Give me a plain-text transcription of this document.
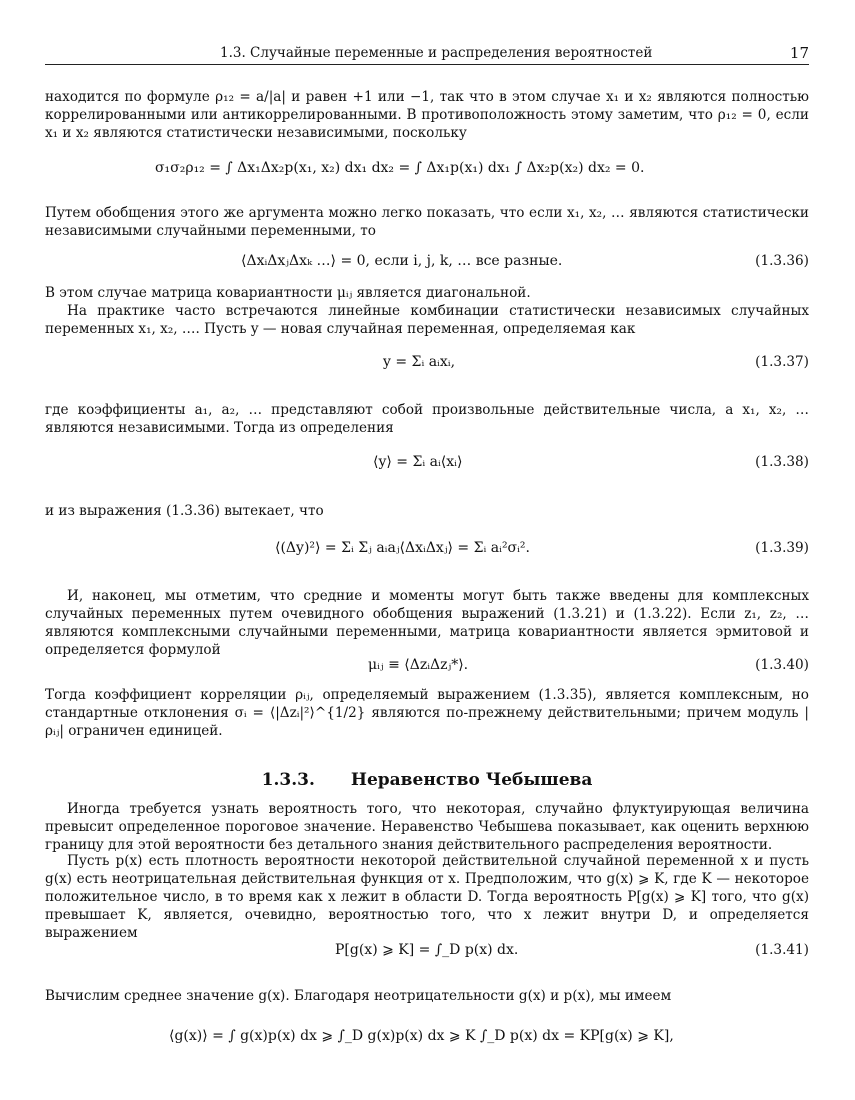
1.3. Случайные переменные и распределения вероятностей	17

находится по формуле ρ₁₂ = a/|a| и равен +1 или −1, так что в этом случае x₁ и x₂ являются полностью коррелированными или антикоррелированными. В противоположность этому заметим, что ρ₁₂ = 0, если x₁ и x₂ являются статистически независимыми, поскольку

σ₁σ₂ρ₁₂ = ∫ Δx₁Δx₂p(x₁, x₂) dx₁ dx₂ = ∫ Δx₁p(x₁) dx₁ ∫ Δx₂p(x₂) dx₂ = 0.

Путем обобщения этого же аргумента можно легко показать, что если x₁, x₂, … являются статистически независимыми случайными переменными, то

⟨ΔxᵢΔxⱼΔxₖ …⟩ = 0, если i, j, k, … все разные.	(1.3.36)

В этом случае матрица ковариантности μᵢⱼ является диагональной.

На практике часто встречаются линейные комбинации статистически независимых случайных переменных x₁, x₂, …. Пусть y — новая случайная переменная, определяемая как

y = Σᵢ aᵢxᵢ,	(1.3.37)

где коэффициенты a₁, a₂, … представляют собой произвольные действительные числа, а x₁, x₂, … являются независимыми. Тогда из определения

⟨y⟩ = Σᵢ aᵢ⟨xᵢ⟩	(1.3.38)

и из выражения (1.3.36) вытекает, что

⟨(Δy)²⟩ = Σᵢ Σⱼ aᵢaⱼ⟨ΔxᵢΔxⱼ⟩ = Σᵢ aᵢ²σᵢ².	(1.3.39)

И, наконец, мы отметим, что средние и моменты могут быть также введены для комплексных случайных переменных путем очевидного обобщения выражений (1.3.21) и (1.3.22). Если z₁, z₂, … являются комплексными случайными переменными, матрица ковариантности является эрмитовой и определяется формулой

μᵢⱼ ≡ ⟨ΔzᵢΔzⱼ*⟩.	(1.3.40)

Тогда коэффициент корреляции ρᵢⱼ, определяемый выражением (1.3.35), является комплексным, но стандартные отклонения σᵢ = ⟨|Δzᵢ|²⟩^{1/2} являются по-прежнему действительными; причем модуль |ρᵢⱼ| ограничен единицей.

1.3.3. Неравенство Чебышева

Иногда требуется узнать вероятность того, что некоторая, случайно флуктуирующая величина превысит определенное пороговое значение. Неравенство Чебышева показывает, как оценить верхнюю границу для этой вероятности без детального знания действительного распределения вероятности.

Пусть p(x) есть плотность вероятности некоторой действительной случайной переменной x и пусть g(x) есть неотрицательная действительная функция от x. Предположим, что g(x) ⩾ K, где K — некоторое положительное число, в то время как x лежит в области D. Тогда вероятность P[g(x) ⩾ K] того, что g(x) превышает K, является, очевидно, вероятностью того, что x лежит внутри D, и определяется выражением

P[g(x) ⩾ K] = ∫_D p(x) dx.	(1.3.41)

Вычислим среднее значение g(x). Благодаря неотрицательности g(x) и p(x), мы имеем

⟨g(x)⟩ = ∫ g(x)p(x) dx ⩾ ∫_D g(x)p(x) dx ⩾ K ∫_D p(x) dx = KP[g(x) ⩾ K],
